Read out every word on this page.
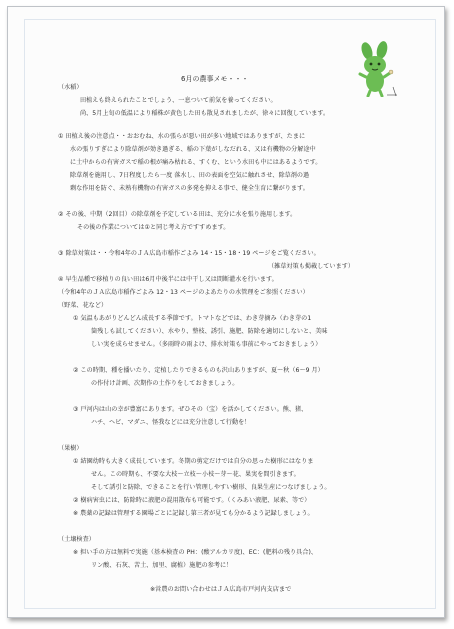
6月の農事メモ・・・
（水稲）
田植えも終えられたことでしょう、一息ついて前気を養ってください。
尚、5月上旬の低温により稲株が黄色した田も散見されましたが、徐々に回復しています。
① 田植え後の注意点・・おおむね、水の張らが悪い田が多い地域ではありますが、たまに
水の張りすぎにより除草剤が効き過ぎる、稲の下葉がしなだれる、又は有機物の分解途中
に土中からの有害ガスで稲の根が痛み枯れる、すくむ、という水田も中にはあるようです。
除草剤を施用し、7日程度したら一度 落水し、田の表面を空気に触れさせ、除草剤の過
剰な作用を防ぐ、未熟有機物の有害ガスの多発を抑える事で、健全生育に繋がります。
② その後、中期（2回目）の除草剤を予定している田は、充分に水を張り施用します。
その後の作業については①と同じ考え方ですすめます。
③ 除草対策は・・令和4年のＪＡ広島市稲作ごよみ 14・15・18・19 ページをご覧ください。
（雑草対策も掲載しています）
④ 早生品種で移植りの良い田は6月中後半には中干し又は間断灌水を行います。
（令和4年のＪＡ広島市稲作ごよみ 12・13 ページのよあたりの水管理をご参照ください）
（野菜、花など）
① 気温もあがりどんどん成長する季節です。トマトなどでは、わき芽摘み（わき芽の1
箇残しも試してください）、水やり、整枝、誘引、施肥、防除を適切にしないと、美味
しい実を成らせません。（多雨時の雨よけ、排水対策も事前にやっておきましょう）
② この時期、種を播いたり、定植したりできるものも沢山ありますが、夏～秋（6～9 月）
の作付け計画、次期作の土作りをしておきましょう。
③ 戸河内は山の幸が豊富にあります。ぜひその（宝）を活かしてください。熊、猪、
ハチ、ヘビ、マダニ、怪我などには充分注意して行動を！
（果樹）
① 結園幼時も大きく成長しています。冬期の剪定だけでは自分の思った樹形にはなりま
せん。この時期も、不要な大枝～立枝～小枝～芽～花、果実を間引きます。
そして誘引と防除、できることを行い管理しやすい樹形、良果生産につなげましょう。
② 樹病害虫には、防除時に液肥の混用散布も可能です。（くみあい液肥、尿素、等で）
※ 農薬の記録は管理する園場ごとに記録し第三者が見ても分かるよう記録しましょう。
（土壌検査）
※ 担い手の方は無料で実施（基本検査の PH：(酸アルカリ度)、EC：(肥料の残り具合)、
リン酸、石灰、苦土、加里、腐植）施肥の参考に！
※営農のお問い合わせはＪＡ広島市戸河内支店まで
